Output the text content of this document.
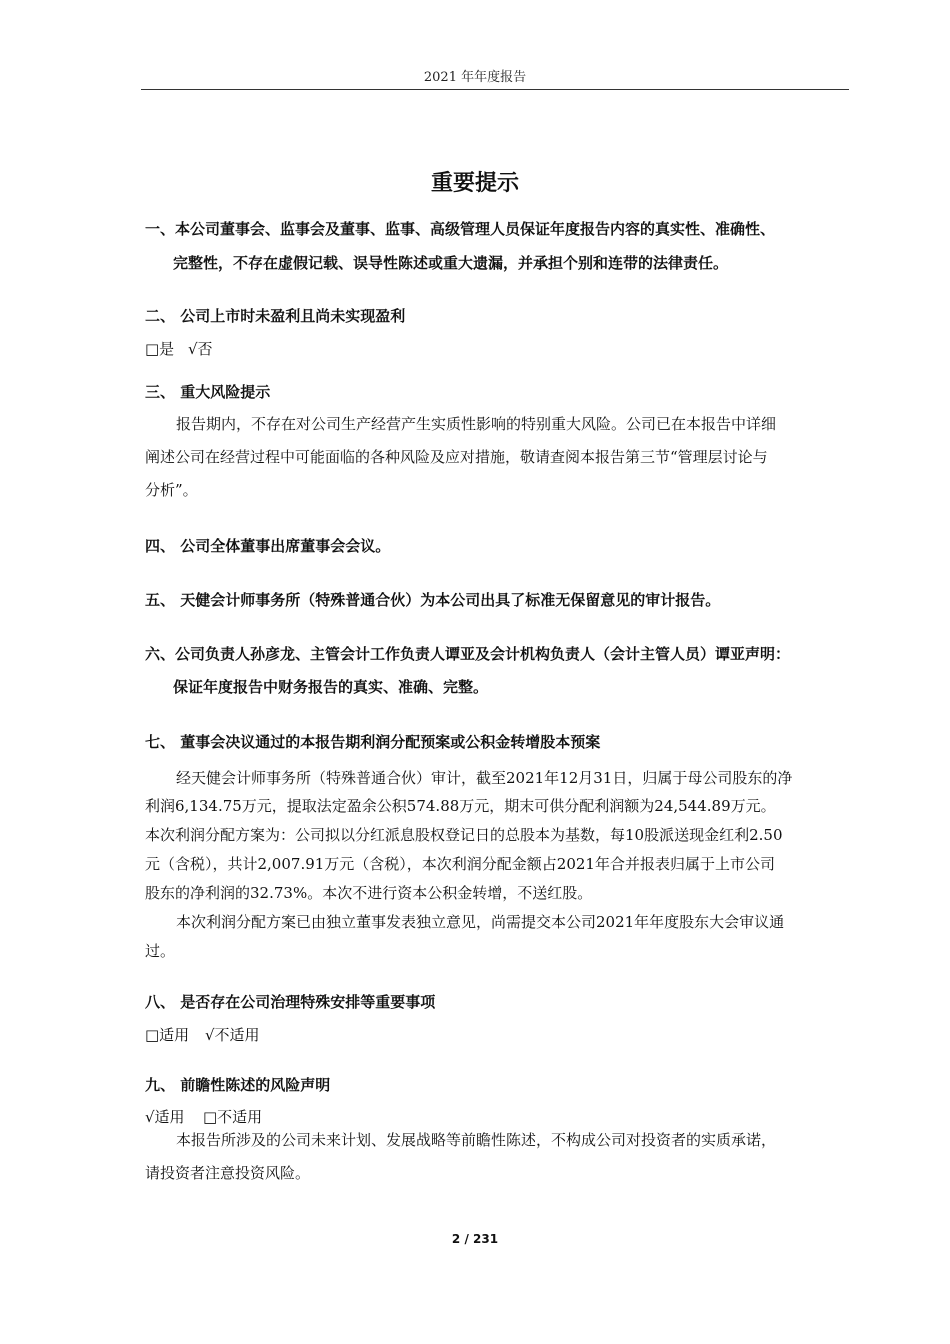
2021 年年度报告
重要提示
一、本公司董事会、监事会及董事、监事、高级管理人员保证年度报告内容的真实性、准确性、
完整性，不存在虚假记载、误导性陈述或重大遗漏，并承担个别和连带的法律责任。
二、 公司上市时未盈利且尚未实现盈利
□是 √否
三、 重大风险提示
报告期内，不存在对公司生产经营产生实质性影响的特别重大风险。公司已在本报告中详细
阐述公司在经营过程中可能面临的各种风险及应对措施，敬请查阅本报告第三节“管理层讨论与
分析”。
四、 公司全体董事出席董事会会议。
五、 天健会计师事务所（特殊普通合伙）为本公司出具了标准无保留意见的审计报告。
六、公司负责人孙彦龙、主管会计工作负责人谭亚及会计机构负责人（会计主管人员）谭亚声明：
保证年度报告中财务报告的真实、准确、完整。
七、 董事会决议通过的本报告期利润分配预案或公积金转增股本预案
经天健会计师事务所（特殊普通合伙）审计，截至2021年12月31日，归属于母公司股东的净
利润6,134.75万元，提取法定盈余公积574.88万元，期末可供分配利润额为24,544.89万元。
本次利润分配方案为：公司拟以分红派息股权登记日的总股本为基数，每10股派送现金红利2.50
元（含税），共计2,007.91万元（含税），本次利润分配金额占2021年合并报表归属于上市公司
股东的净利润的32.73%。本次不进行资本公积金转增，不送红股。
本次利润分配方案已由独立董事发表独立意见，尚需提交本公司2021年年度股东大会审议通
过。
八、 是否存在公司治理特殊安排等重要事项
□适用 √不适用
九、 前瞻性陈述的风险声明
√适用 □不适用
本报告所涉及的公司未来计划、发展战略等前瞻性陈述，不构成公司对投资者的实质承诺，
请投资者注意投资风险。
2 / 231
